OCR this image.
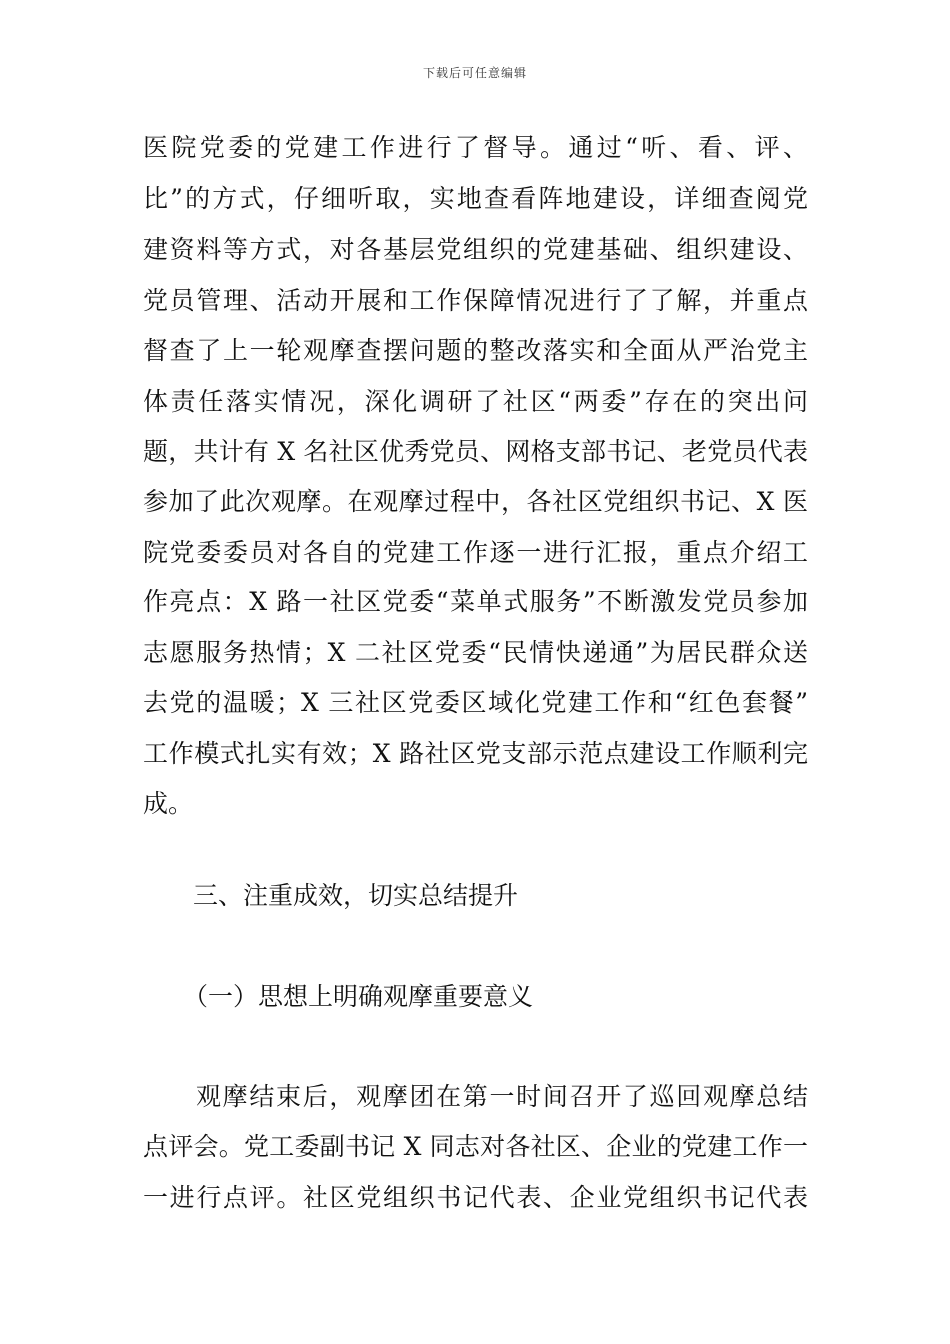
下载后可任意编辑
医院党委的党建工作进行了督导。通过“听、看、评、
比”的方式，仔细听取，实地查看阵地建设，详细查阅党
建资料等方式，对各基层党组织的党建基础、组织建设、
党员管理、活动开展和工作保障情况进行了了解，并重点
督查了上一轮观摩查摆问题的整改落实和全面从严治党主
体责任落实情况，深化调研了社区“两委”存在的突出问
题，共计有 X 名社区优秀党员、网格支部书记、老党员代表
参加了此次观摩。在观摩过程中，各社区党组织书记、X 医
院党委委员对各自的党建工作逐一进行汇报，重点介绍工
作亮点：X 路一社区党委“菜单式服务”不断激发党员参加
志愿服务热情；X 二社区党委“民情快递通”为居民群众送
去党的温暖；X 三社区党委区域化党建工作和“红色套餐”
工作模式扎实有效；X 路社区党支部示范点建设工作顺利完
成。
三、注重成效，切实总结提升
（一）思想上明确观摩重要意义
观摩结束后，观摩团在第一时间召开了巡回观摩总结
点评会。党工委副书记 X 同志对各社区、企业的党建工作一
一进行点评。社区党组织书记代表、企业党组织书记代表
